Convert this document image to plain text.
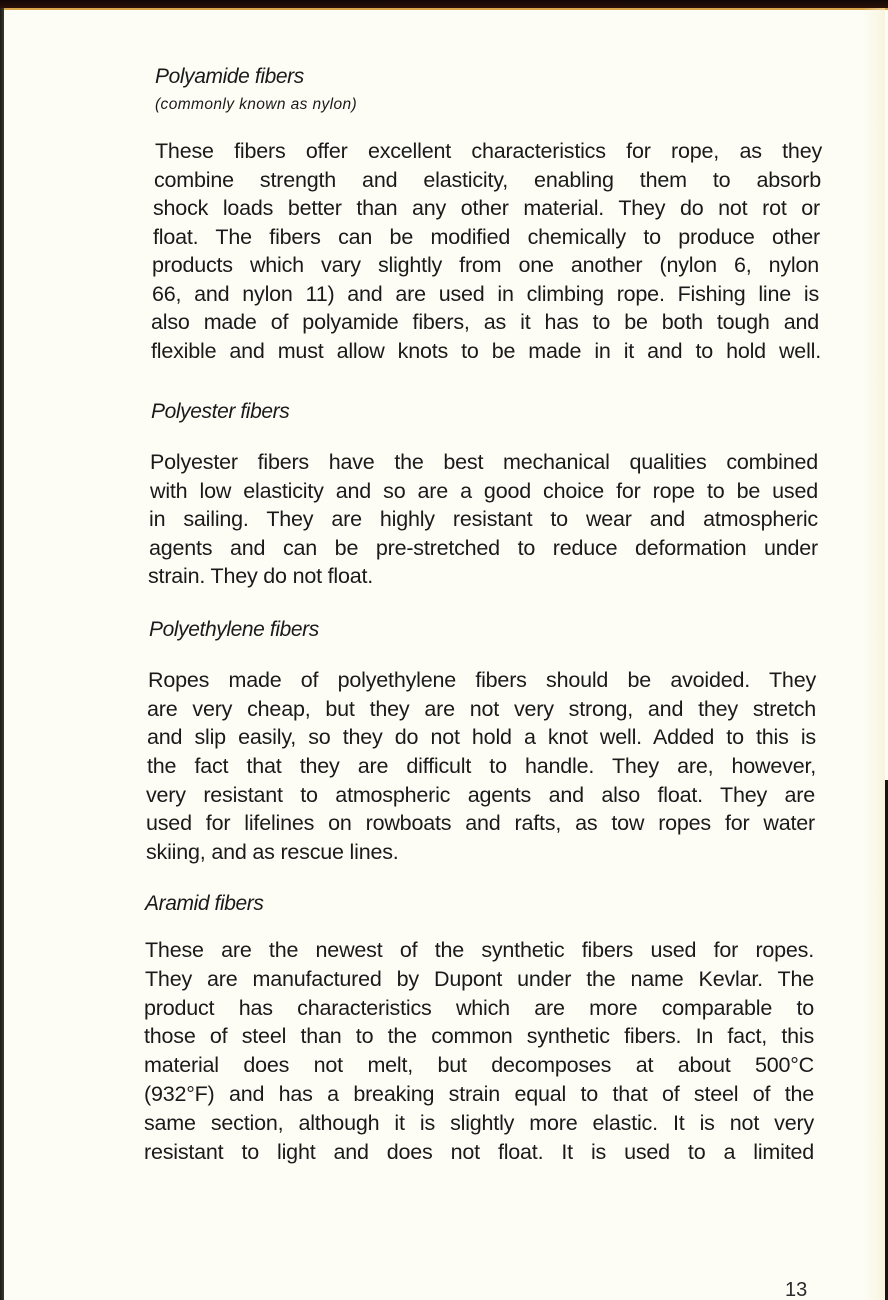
Polyamide fibers
(commonly known as nylon)
These fibers offer excellent characteristics for rope, as they
combine strength and elasticity, enabling them to absorb
shock loads better than any other material. They do not rot or
float. The fibers can be modified chemically to produce other
products which vary slightly from one another (nylon 6, nylon
66, and nylon 11) and are used in climbing rope. Fishing line is
also made of polyamide fibers, as it has to be both tough and
flexible and must allow knots to be made in it and to hold well.
Polyester fibers
Polyester fibers have the best mechanical qualities combined
with low elasticity and so are a good choice for rope to be used
in sailing. They are highly resistant to wear and atmospheric
agents and can be pre-stretched to reduce deformation under
strain. They do not float.
Polyethylene fibers
Ropes made of polyethylene fibers should be avoided. They
are very cheap, but they are not very strong, and they stretch
and slip easily, so they do not hold a knot well. Added to this is
the fact that they are difficult to handle. They are, however,
very resistant to atmospheric agents and also float. They are
used for lifelines on rowboats and rafts, as tow ropes for water
skiing, and as rescue lines.
Aramid fibers
These are the newest of the synthetic fibers used for ropes.
They are manufactured by Dupont under the name Kevlar. The
product has characteristics which are more comparable to
those of steel than to the common synthetic fibers. In fact, this
material does not melt, but decomposes at about 500°C
(932°F) and has a breaking strain equal to that of steel of the
same section, although it is slightly more elastic. It is not very
resistant to light and does not float. It is used to a limited
13
